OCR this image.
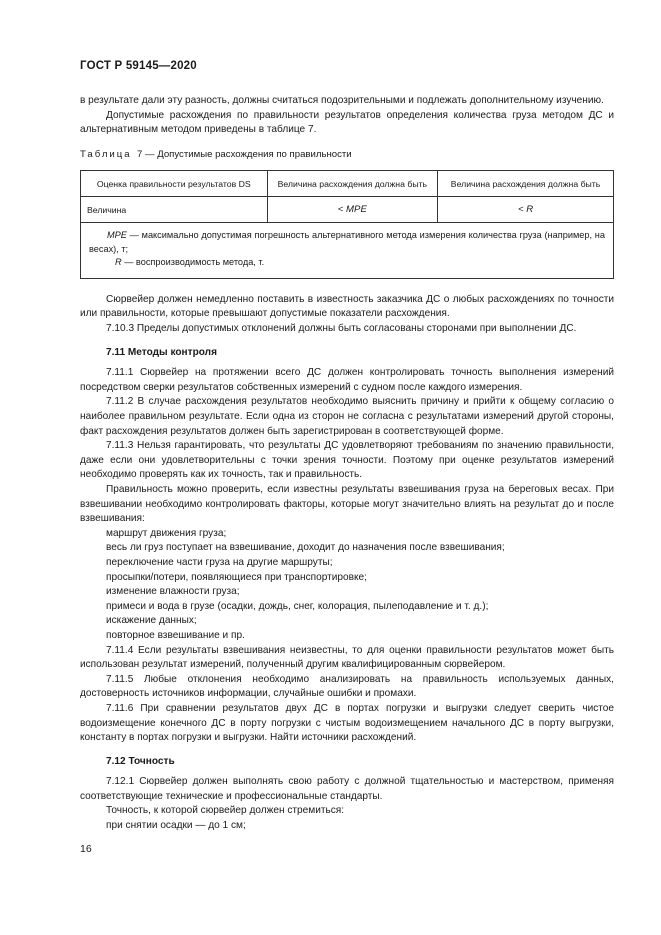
ГОСТ Р 59145—2020

в результате дали эту разность, должны считаться подозрительными и подлежать дополнительному изучению.

Допустимые расхождения по правильности результатов определения количества груза методом ДС и альтернативным методом приведены в таблице 7.

Таблица 7 — Допустимые расхождения по правильности

Оценка правильности результатов DS	Величина расхождения должна быть	Величина расхождения должна быть
Величина	< MPE	< R

MPE — максимально допустимая погрешность альтернативного метода измерения количества груза (например, на весах), т;

R — воспроизводимость метода, т.		

Сюрвейер должен немедленно поставить в известность заказчика ДС о любых расхождениях по точности или правильности, которые превышают допустимые показатели расхождения.

7.10.3 Пределы допустимых отклонений должны быть согласованы сторонами при выполнении ДС.

7.11 Методы контроля

7.11.1 Сюрвейер на протяжении всего ДС должен контролировать точность выполнения измерений посредством сверки результатов собственных измерений с судном после каждого измерения.

7.11.2 В случае расхождения результатов необходимо выяснить причину и прийти к общему согласию о наиболее правильном результате. Если одна из сторон не согласна с результатами измерений другой стороны, факт расхождения результатов должен быть зарегистрирован в соответствующей форме.

7.11.3 Нельзя гарантировать, что результаты ДС удовлетворяют требованиям по значению правильности, даже если они удовлетворительны с точки зрения точности. Поэтому при оценке результатов измерений необходимо проверять как их точность, так и правильность.

Правильность можно проверить, если известны результаты взвешивания груза на береговых весах. При взвешивании необходимо контролировать факторы, которые могут значительно влиять на результат до и после взвешивания:

маршрут движения груза;

весь ли груз поступает на взвешивание, доходит до назначения после взвешивания;

переключение части груза на другие маршруты;

просыпки/потери, появляющиеся при транспортировке;

изменение влажности груза;

примеси и вода в грузе (осадки, дождь, снег, колорация, пылеподавление и т. д.);

искажение данных;

повторное взвешивание и пр.

7.11.4 Если результаты взвешивания неизвестны, то для оценки правильности результатов может быть использован результат измерений, полученный другим квалифицированным сюрвейером.

7.11.5 Любые отклонения необходимо анализировать на правильность используемых данных, достоверность источников информации, случайные ошибки и промахи.

7.11.6 При сравнении результатов двух ДС в портах погрузки и выгрузки следует сверить чистое водоизмещение конечного ДС в порту погрузки с чистым водоизмещением начального ДС в порту выгрузки, константу в портах погрузки и выгрузки. Найти источники расхождений.

7.12 Точность

7.12.1 Сюрвейер должен выполнять свою работу с должной тщательностью и мастерством, применяя соответствующие технические и профессиональные стандарты.

Точность, к которой сюрвейер должен стремиться:

при снятии осадки — до 1 см;

16
